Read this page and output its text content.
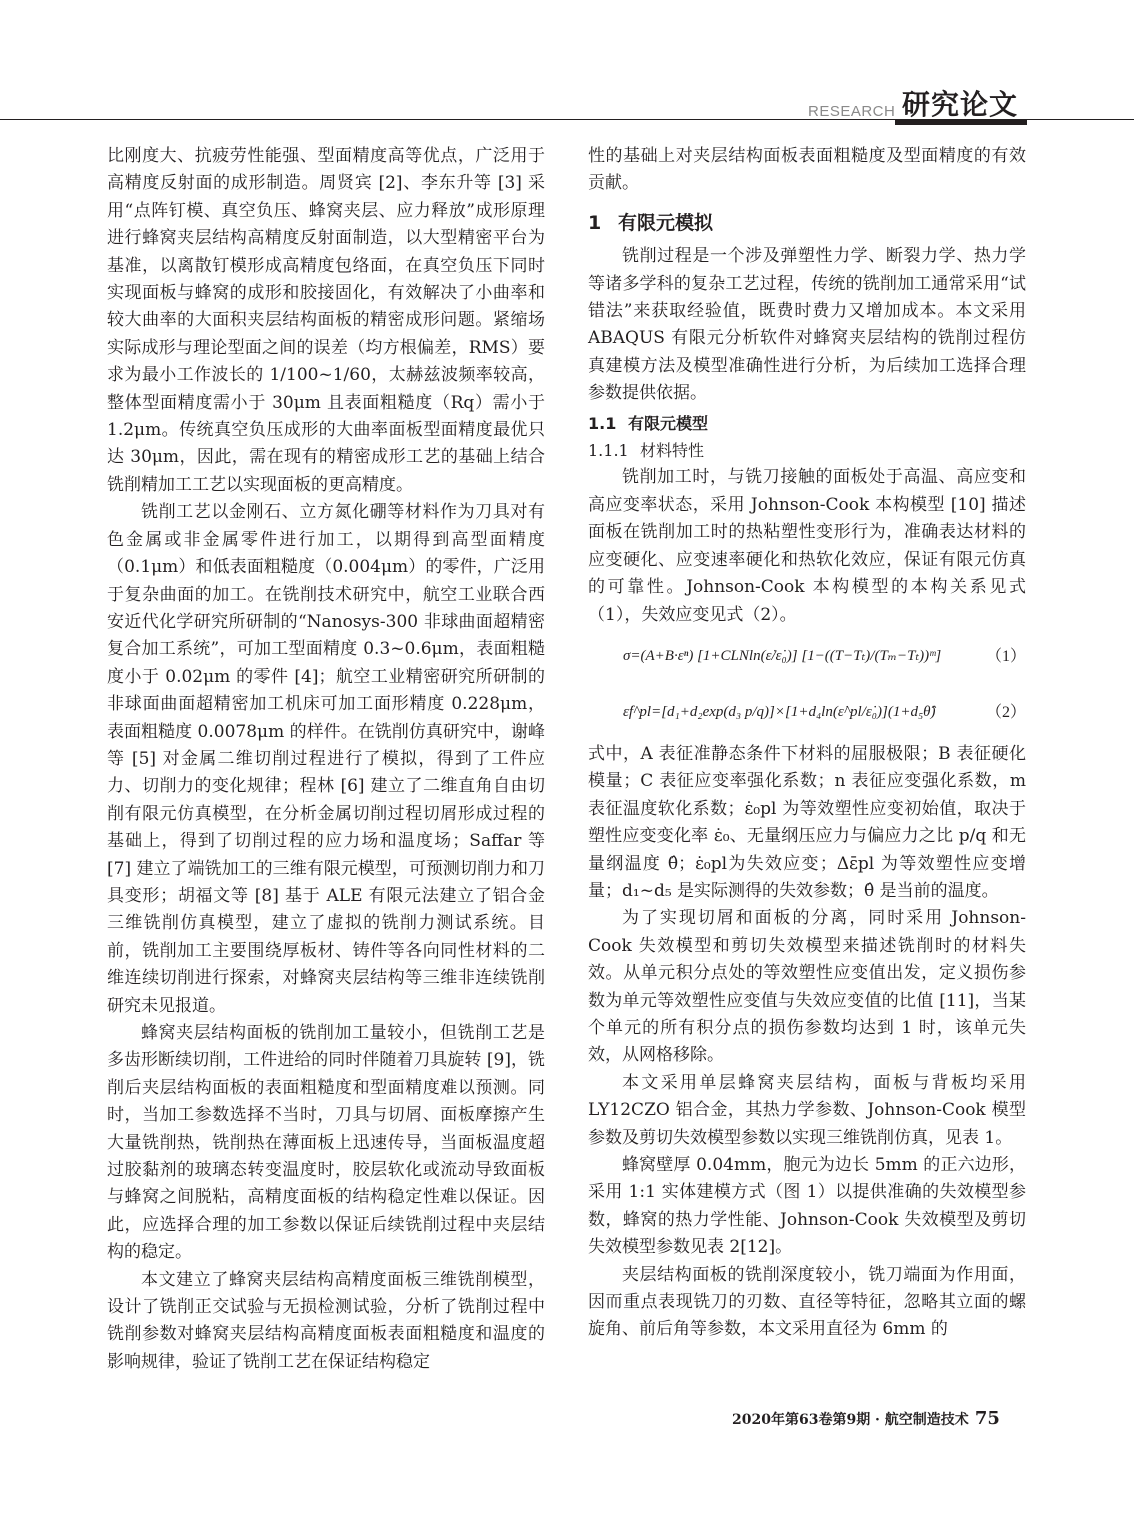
RESEARCH 研究论文

比刚度大、抗疲劳性能强、型面精度高等优点，广泛用于高精度反射面的成形制造。周贤宾 [2]、李东升等 [3] 采用“点阵钉模、真空负压、蜂窝夹层、应力释放”成形原理进行蜂窝夹层结构高精度反射面制造，以大型精密平台为基准，以离散钉模形成高精度包络面，在真空负压下同时实现面板与蜂窝的成形和胶接固化，有效解决了小曲率和较大曲率的大面积夹层结构面板的精密成形问题。紧缩场实际成形与理论型面之间的误差（均方根偏差，RMS）要求为最小工作波长的 1/100~1/60，太赫兹波频率较高，整体型面精度需小于 30μm 且表面粗糙度（Rq）需小于 1.2μm。传统真空负压成形的大曲率面板型面精度最优只达 30μm，因此，需在现有的精密成形工艺的基础上结合铣削精加工工艺以实现面板的更高精度。

铣削工艺以金刚石、立方氮化硼等材料作为刀具对有色金属或非金属零件进行加工，以期得到高型面精度（0.1μm）和低表面粗糙度（0.004μm）的零件，广泛用于复杂曲面的加工。在铣削技术研究中，航空工业联合西安近代化学研究所研制的“Nanosys-300 非球曲面超精密复合加工系统”，可加工型面精度 0.3~0.6μm，表面粗糙度小于 0.02μm 的零件 [4]；航空工业精密研究所研制的非球面曲面超精密加工机床可加工面形精度 0.228μm，表面粗糙度 0.0078μm 的样件。在铣削仿真研究中，谢峰等 [5] 对金属二维切削过程进行了模拟，得到了工件应力、切削力的变化规律；程林 [6] 建立了二维直角自由切削有限元仿真模型，在分析金属切削过程切屑形成过程的基础上，得到了切削过程的应力场和温度场；Saffar 等 [7] 建立了端铣加工的三维有限元模型，可预测切削力和刀具变形；胡福文等 [8] 基于 ALE 有限元法建立了铝合金三维铣削仿真模型，建立了虚拟的铣削力测试系统。目前，铣削加工主要围绕厚板材、铸件等各向同性材料的二维连续切削进行探索，对蜂窝夹层结构等三维非连续铣削研究未见报道。

蜂窝夹层结构面板的铣削加工量较小，但铣削工艺是多齿形断续切削，工件进给的同时伴随着刀具旋转 [9]，铣削后夹层结构面板的表面粗糙度和型面精度难以预测。同时，当加工参数选择不当时，刀具与切屑、面板摩擦产生大量铣削热，铣削热在薄面板上迅速传导，当面板温度超过胶黏剂的玻璃态转变温度时，胶层软化或流动导致面板与蜂窝之间脱粘，高精度面板的结构稳定性难以保证。因此，应选择合理的加工参数以保证后续铣削过程中夹层结构的稳定。

本文建立了蜂窝夹层结构高精度面板三维铣削模型，设计了铣削正交试验与无损检测试验，分析了铣削过程中铣削参数对蜂窝夹层结构高精度面板表面粗糙度和温度的影响规律，验证了铣削工艺在保证结构稳定

性的基础上对夹层结构面板表面粗糙度及型面精度的有效贡献。

1 有限元模拟

铣削过程是一个涉及弹塑性力学、断裂力学、热力学等诸多学科的复杂工艺过程，传统的铣削加工通常采用“试错法”来获取经验值，既费时费力又增加成本。本文采用 ABAQUS 有限元分析软件对蜂窝夹层结构的铣削过程仿真建模方法及模型准确性进行分析，为后续加工选择合理参数提供依据。

1.1 有限元模型
1.1.1 材料特性

铣削加工时，与铣刀接触的面板处于高温、高应变和高应变率状态，采用 Johnson-Cook 本构模型 [10] 描述面板在铣削加工时的热粘塑性变形行为，准确表达材料的应变硬化、应变速率硬化和热软化效应，保证有限元仿真的可靠性。Johnson-Cook 本构模型的本构关系见式（1），失效应变见式（2）。

σ=(A+B·εⁿ) [1+CLNln(ε̇/ε̇₀)] [1−((T−Tₜ)/(Tₘ−Tₜ))ᵐ]	（1）
ε̇f^pl=[d₁+d₂exp(d₃ p/q)]×[1+d₄ln(ε̇^pl/ε̇₀)](1+d₅θ̂)	（2）

式中，A 表征准静态条件下材料的屈服极限；B 表征硬化模量；C 表征应变率强化系数；n 表征应变强化系数，m 表征温度软化系数；ε̇₀pl 为等效塑性应变初始值，取决于塑性应变变化率 ε̇₀、无量纲压应力与偏应力之比 p/q 和无量纲温度 θ̂；ε̇₀pl为失效应变；Δε̄pl 为等效塑性应变增量；d₁~d₅ 是实际测得的失效参数；θ̂ 是当前的温度。

为了实现切屑和面板的分离，同时采用 Johnson-Cook 失效模型和剪切失效模型来描述铣削时的材料失效。从单元积分点处的等效塑性应变值出发，定义损伤参数为单元等效塑性应变值与失效应变值的比值 [11]，当某个单元的所有积分点的损伤参数均达到 1 时，该单元失效，从网格移除。

本文采用单层蜂窝夹层结构，面板与背板均采用 LY12CZO 铝合金，其热力学参数、Johnson-Cook 模型参数及剪切失效模型参数以实现三维铣削仿真，见表 1。

蜂窝壁厚 0.04mm，胞元为边长 5mm 的正六边形，采用 1:1 实体建模方式（图 1）以提供准确的失效模型参数，蜂窝的热力学性能、Johnson-Cook 失效模型及剪切失效模型参数见表 2[12]。

夹层结构面板的铣削深度较小，铣刀端面为作用面，因而重点表现铣刀的刃数、直径等特征，忽略其立面的螺旋角、前后角等参数，本文采用直径为 6mm 的

2020年第63卷第9期 · 航空制造技术 75
